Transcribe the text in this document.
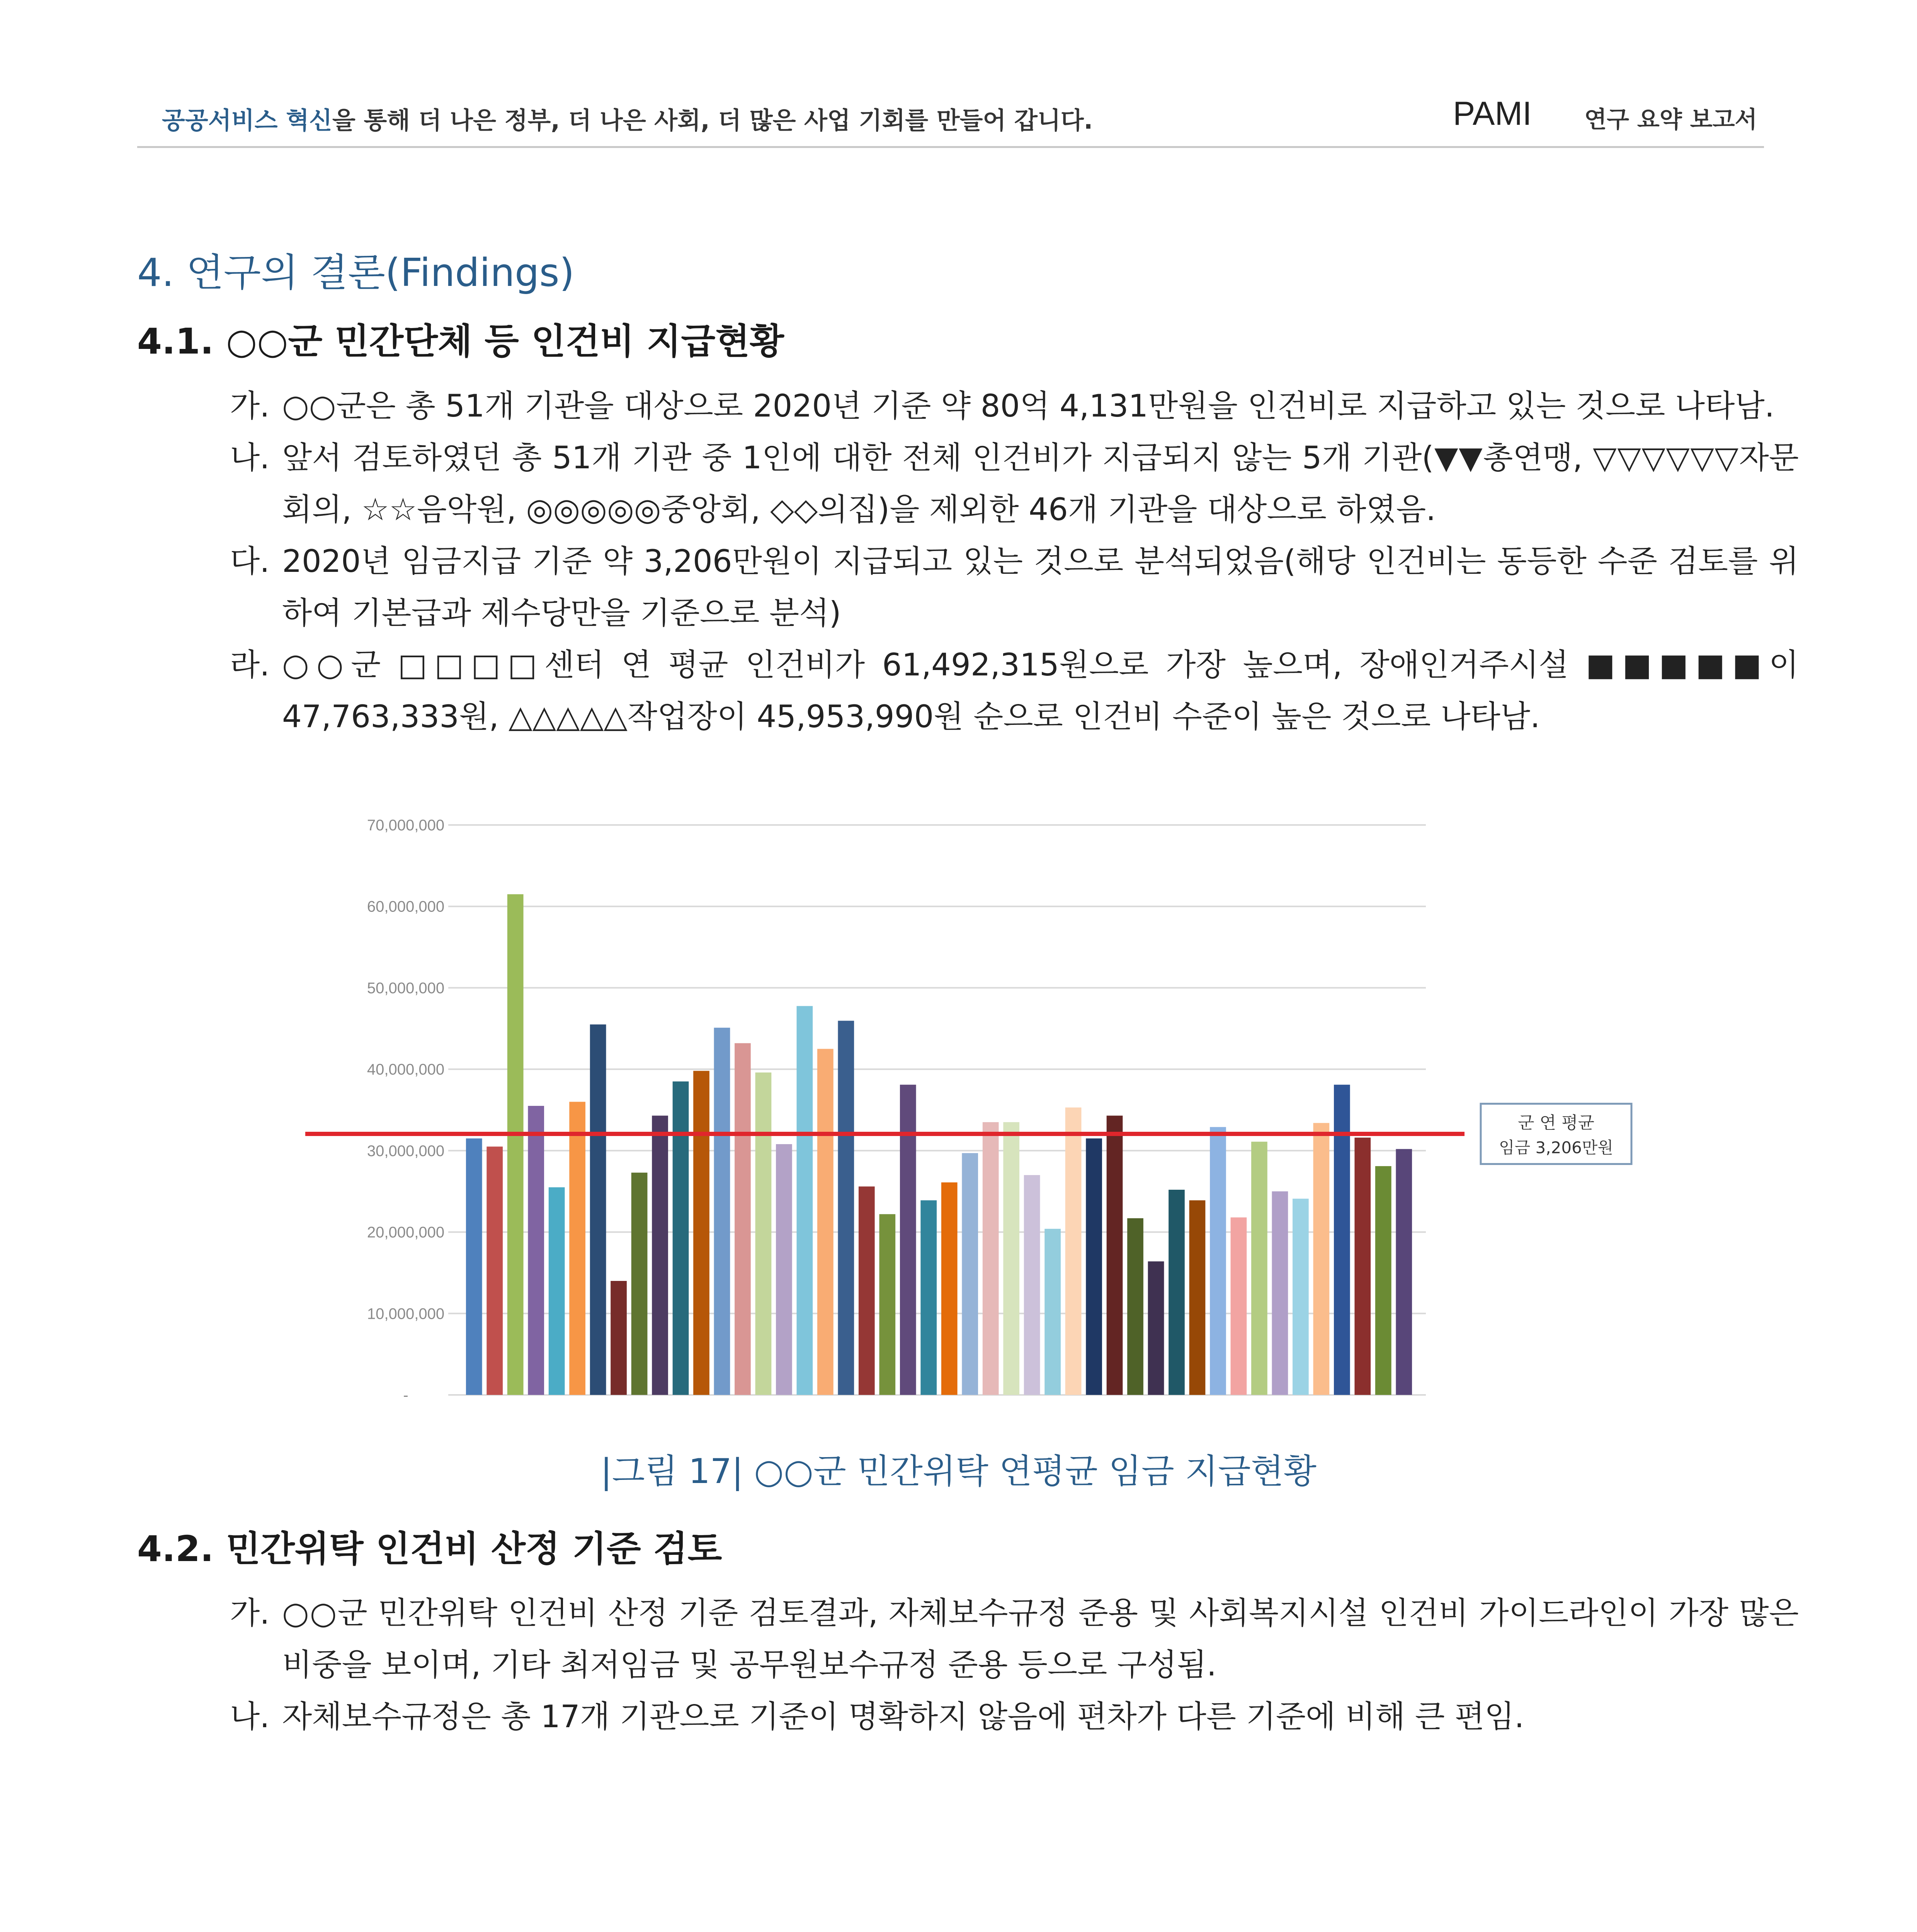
공공서비스 혁신을 통해 더 나은 정부, 더 나은 사회, 더 많은 사업 기회를 만들어 갑니다.	PAMI 연구 요약 보고서
4. 연구의 결론(Findings)
4.1. ○○군 민간단체 등 인건비 지급현황
가. ○○군은 총 51개 기관을 대상으로 2020년 기준 약 80억 4,131만원을 인건비로 지급하고 있는 것으로 나타남.
나. 앞서 검토하였던 총 51개 기관 중 1인에 대한 전체 인건비가 지급되지 않는 5개 기관(▼▼총연맹, ▽▽▽▽▽▽자문회의, ☆☆음악원, ◎◎◎◎◎중앙회, ◇◇의집)을 제외한 46개 기관을 대상으로 하였음.
다. 2020년 임금지급 기준 약 3,206만원이 지급되고 있는 것으로 분석되었음(해당 인건비는 동등한 수준 검토를 위하여 기본급과 제수당만을 기준으로 분석)
라. ○○군 □□□□센터 연 평균 인건비가 61,492,315원으로 가장 높으며, 장애인거주시설 ■■■■■이 47,763,333원, △△△△△작업장이 45,953,990원 순으로 인건비 수준이 높은 것으로 나타남.
-
10,000,000
20,000,000
30,000,000
40,000,000
50,000,000
60,000,000
70,000,000
군 연 평균
임금 3,206만원
|그림 17| ○○군 민간위탁 연평균 임금 지급현황
4.2. 민간위탁 인건비 산정 기준 검토
가. ○○군 민간위탁 인건비 산정 기준 검토결과, 자체보수규정 준용 및 사회복지시설 인건비 가이드라인이 가장 많은 비중을 보이며, 기타 최저임금 및 공무원보수규정 준용 등으로 구성됨.
나. 자체보수규정은 총 17개 기관으로 기준이 명확하지 않음에 편차가 다른 기준에 비해 큰 편임.
